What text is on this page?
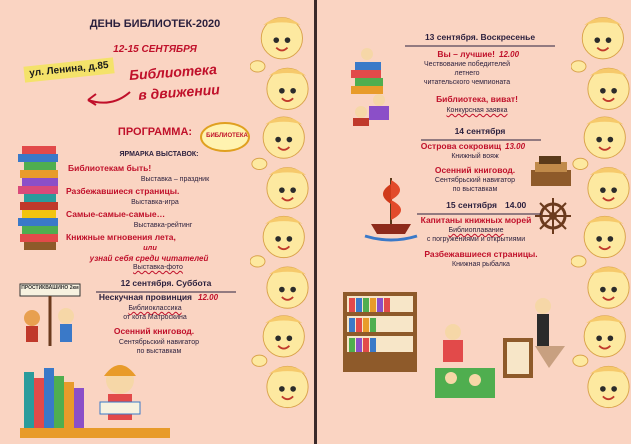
ДЕНЬ БИБЛИОТЕК-2020
12-15 СЕНТЯБРЯ
ул. Ленина, д.85	Библиотека
в движении
ПРОГРАММА:	БИБЛИОТЕКА
ЯРМАРКА ВЫСТАВОК:
Библиотекам быть!
Выставка – праздник
Разбежавшиеся страницы.
Выставка-игра
Самые-самые-самые…
Выставка-рейтинг
Книжные мгновения лета,
или
узнай себя среди читателей
Выставка-фото
ПРОСТИКВАШИНО 2км	12 сентября. Суббота
Нескучная провинция 12.00
Библиоклассика
от кота Матроскина
Осенний книговод.
Сентябрьский навигатор
по выставкам
13 сентября. Воскресенье
Вы – лучшие! 12.00
Чествование победителей
летнего
читательского чемпионата
Библиотека, виват!
Конкурсная заявка
14 сентября
Острова сокровищ 13.00
Книжный вояж
Осенний книговод.
Сентябрьский навигатор
по выставкам
15 сентября 14.00
Капитаны книжных морей
Библиоплавание
с погружениями и открытиями
Разбежавшиеся страницы.
Книжная рыбалка
